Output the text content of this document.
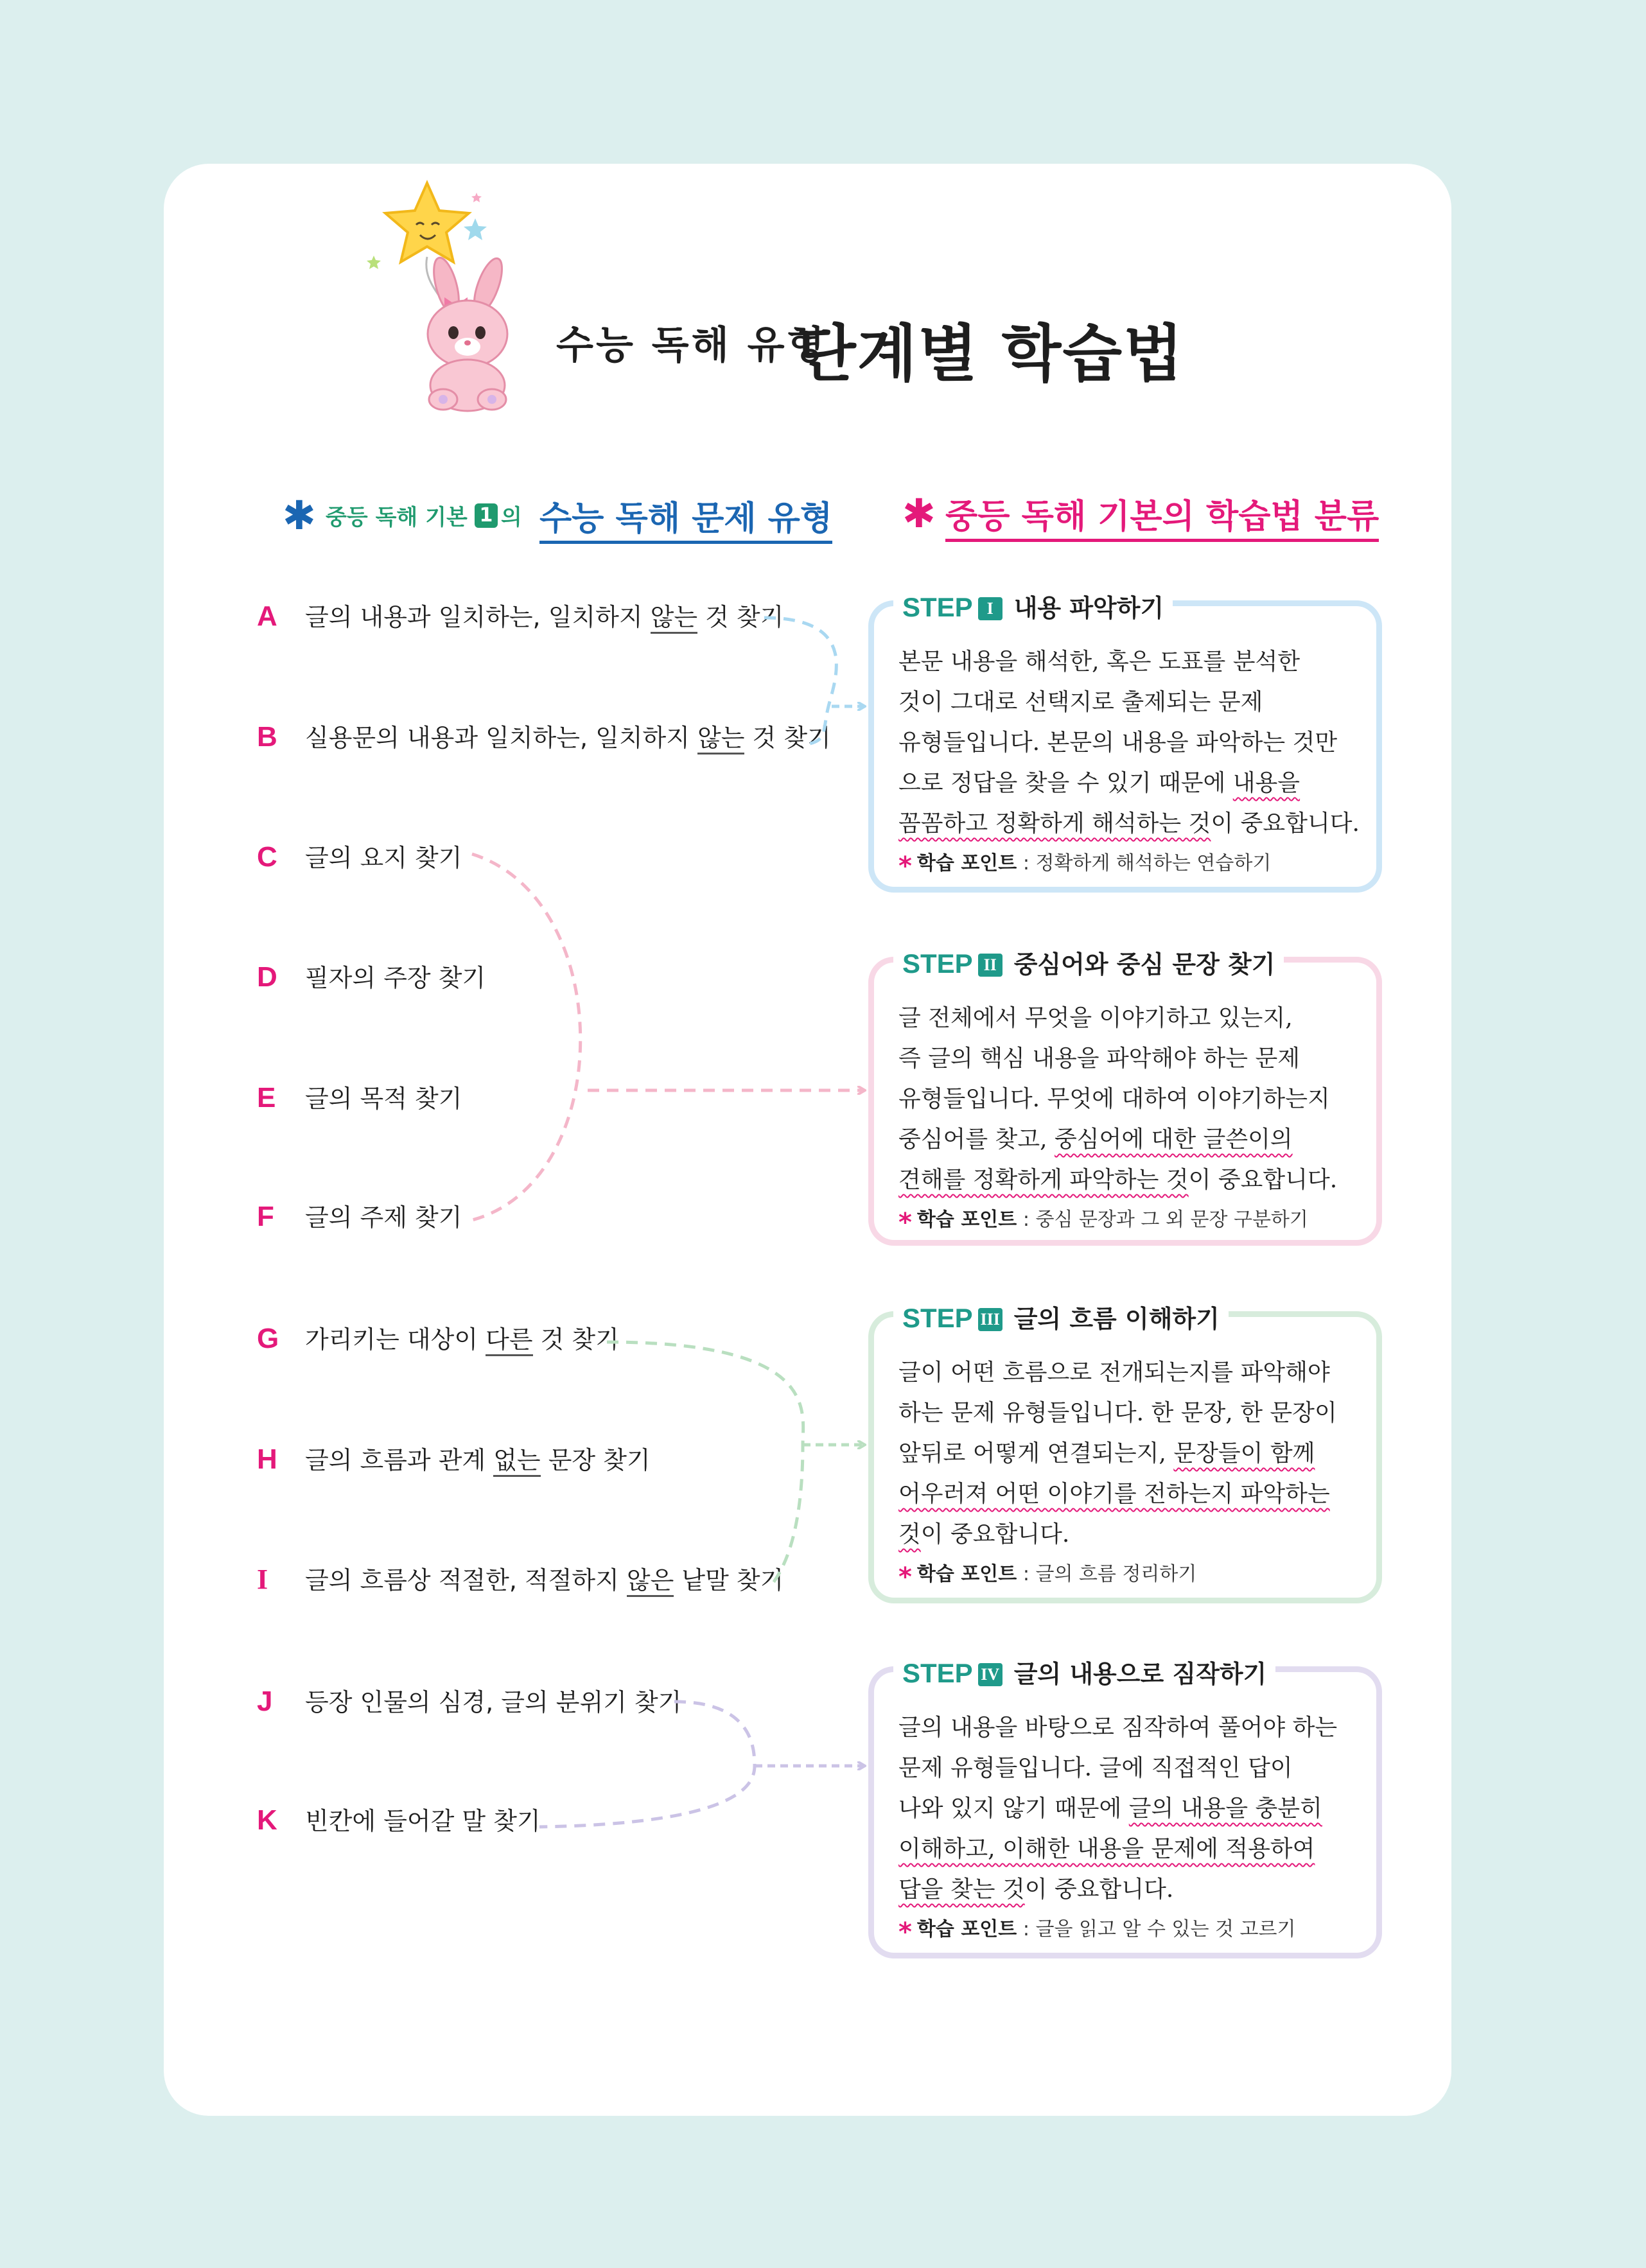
수능 독해 유형
단계별 학습법
✱ 중등 독해 기본 1 의 수능 독해 문제 유형 ✱ 중등 독해 기본의 학습법 분류
A 글의 내용과 일치하는, 일치하지 않는 것 찾기
B 실용문의 내용과 일치하는, 일치하지 않는 것 찾기
C 글의 요지 찾기
D 필자의 주장 찾기
E 글의 목적 찾기
F 글의 주제 찾기
G 가리키는 대상이 다른 것 찾기
H 글의 흐름과 관계 없는 문장 찾기
I 글의 흐름상 적절한, 적절하지 않은 낱말 찾기
J 등장 인물의 심경, 글의 분위기 찾기
K 빈칸에 들어갈 말 찾기
STEP I 내용 파악하기
본문 내용을 해석한, 혹은 도표를 분석한
것이 그대로 선택지로 출제되는 문제
유형들입니다. 본문의 내용을 파악하는 것만
으로 정답을 찾을 수 있기 때문에 내용을
꼼꼼하고 정확하게 해석하는 것이 중요합니다.
* 학습 포인트 : 정확하게 해석하는 연습하기
STEP II 중심어와 중심 문장 찾기
글 전체에서 무엇을 이야기하고 있는지,
즉 글의 핵심 내용을 파악해야 하는 문제
유형들입니다. 무엇에 대하여 이야기하는지
중심어를 찾고, 중심어에 대한 글쓴이의
견해를 정확하게 파악하는 것이 중요합니다.
* 학습 포인트 : 중심 문장과 그 외 문장 구분하기
STEP III 글의 흐름 이해하기
글이 어떤 흐름으로 전개되는지를 파악해야
하는 문제 유형들입니다. 한 문장, 한 문장이
앞뒤로 어떻게 연결되는지, 문장들이 함께
어우러져 어떤 이야기를 전하는지 파악하는
것이 중요합니다.
* 학습 포인트 : 글의 흐름 정리하기
STEP IV 글의 내용으로 짐작하기
글의 내용을 바탕으로 짐작하여 풀어야 하는
문제 유형들입니다. 글에 직접적인 답이
나와 있지 않기 때문에 글의 내용을 충분히
이해하고, 이해한 내용을 문제에 적용하여
답을 찾는 것이 중요합니다.
* 학습 포인트 : 글을 읽고 알 수 있는 것 고르기
